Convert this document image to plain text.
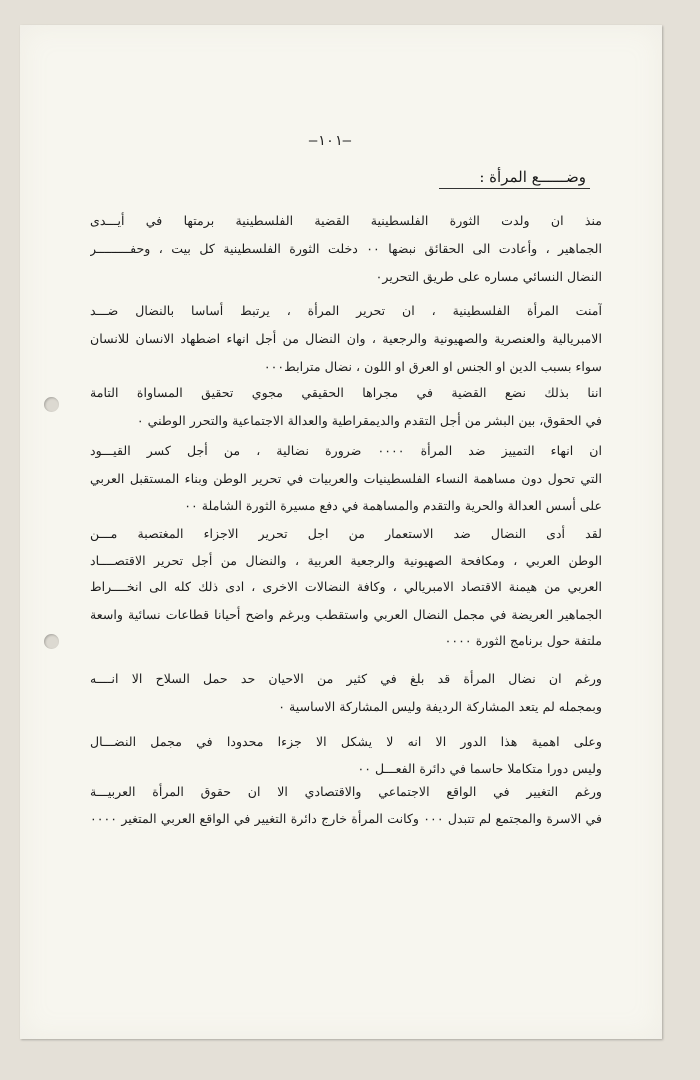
–١٠١–
وضــــــع المرأة :
منذ ان ولدت الثورة الفلسطينية القضية الفلسطينية برمتها في أيـــدى
الجماهير ، وأعادت الى الحقائق نبضها ٠٠ دخلت الثورة الفلسطينية كل بيت ، وحفـــــــــر
النضال النسائي مساره على طريق التحرير٠
آمنت المرأة الفلسطينية ، ان تحرير المرأة ، يرتبط أساسا بالنضال ضـــد
الامبريالية والعنصرية والصهيونية والرجعية ، وان النضال من أجل انهاء اضطهاد الانسان للانسان
سواء بسبب الدين او الجنس او العرق او اللون ، نضال مترابط٠٠٠
اننا بذلك نضع القضية في مجراها الحقيقي مجوي تحقيق المساواة التامة
في الحقوق، بين البشر من أجل التقدم والديمقراطية والعدالة الاجتماعية والتحرر الوطني ٠
ان انهاء التمييز ضد المرأة ٠٠٠٠ ضرورة نضالية ، من أجل كسر القيـــود
التي تحول دون مساهمة النساء الفلسطينيات والعربيات في تحرير الوطن وبناء المستقبل العربي
على أسس العدالة والحرية والتقدم والمساهمة في دفع مسيرة الثورة الشاملة ٠٠
لقد أدى النضال ضد الاستعمار من اجل تحرير الاجزاء المغتصبة مـــن
الوطن العربي ، ومكافحة الصهيونية والرجعية العربية ، والنضال من أجل تحرير الاقتصــــاد
العربي من هيمنة الاقتصاد الامبريالي ، وكافة النضالات الاخرى ، ادى ذلك كله الى انخــــراط
الجماهير العريضة في مجمل النضال العربي واستقطب وبرغم واضح أحيانا قطاعات نسائية واسعة
ملتفة حول برنامج الثورة ٠٠٠٠
ورغم ان نضال المرأة قد بلغ في كثير من الاحيان حد حمل السلاح الا انــــه
وبمجمله لم يتعد المشاركة الرديفة وليس المشاركة الاساسية ٠
وعلى اهمية هذا الدور الا انه لا يشكل الا جزءا محدودا في مجمل النضـــال
وليس دورا متكاملا حاسما في دائرة الفعـــل ٠٠
ورغم التغيير في الواقع الاجتماعي والاقتصادي الا ان حقوق المرأة العربيـــة
في الاسرة والمجتمع لم تتبدل ٠٠٠ وكانت المرأة خارج دائرة التغيير في الواقع العربي المتغير ٠٠٠٠
